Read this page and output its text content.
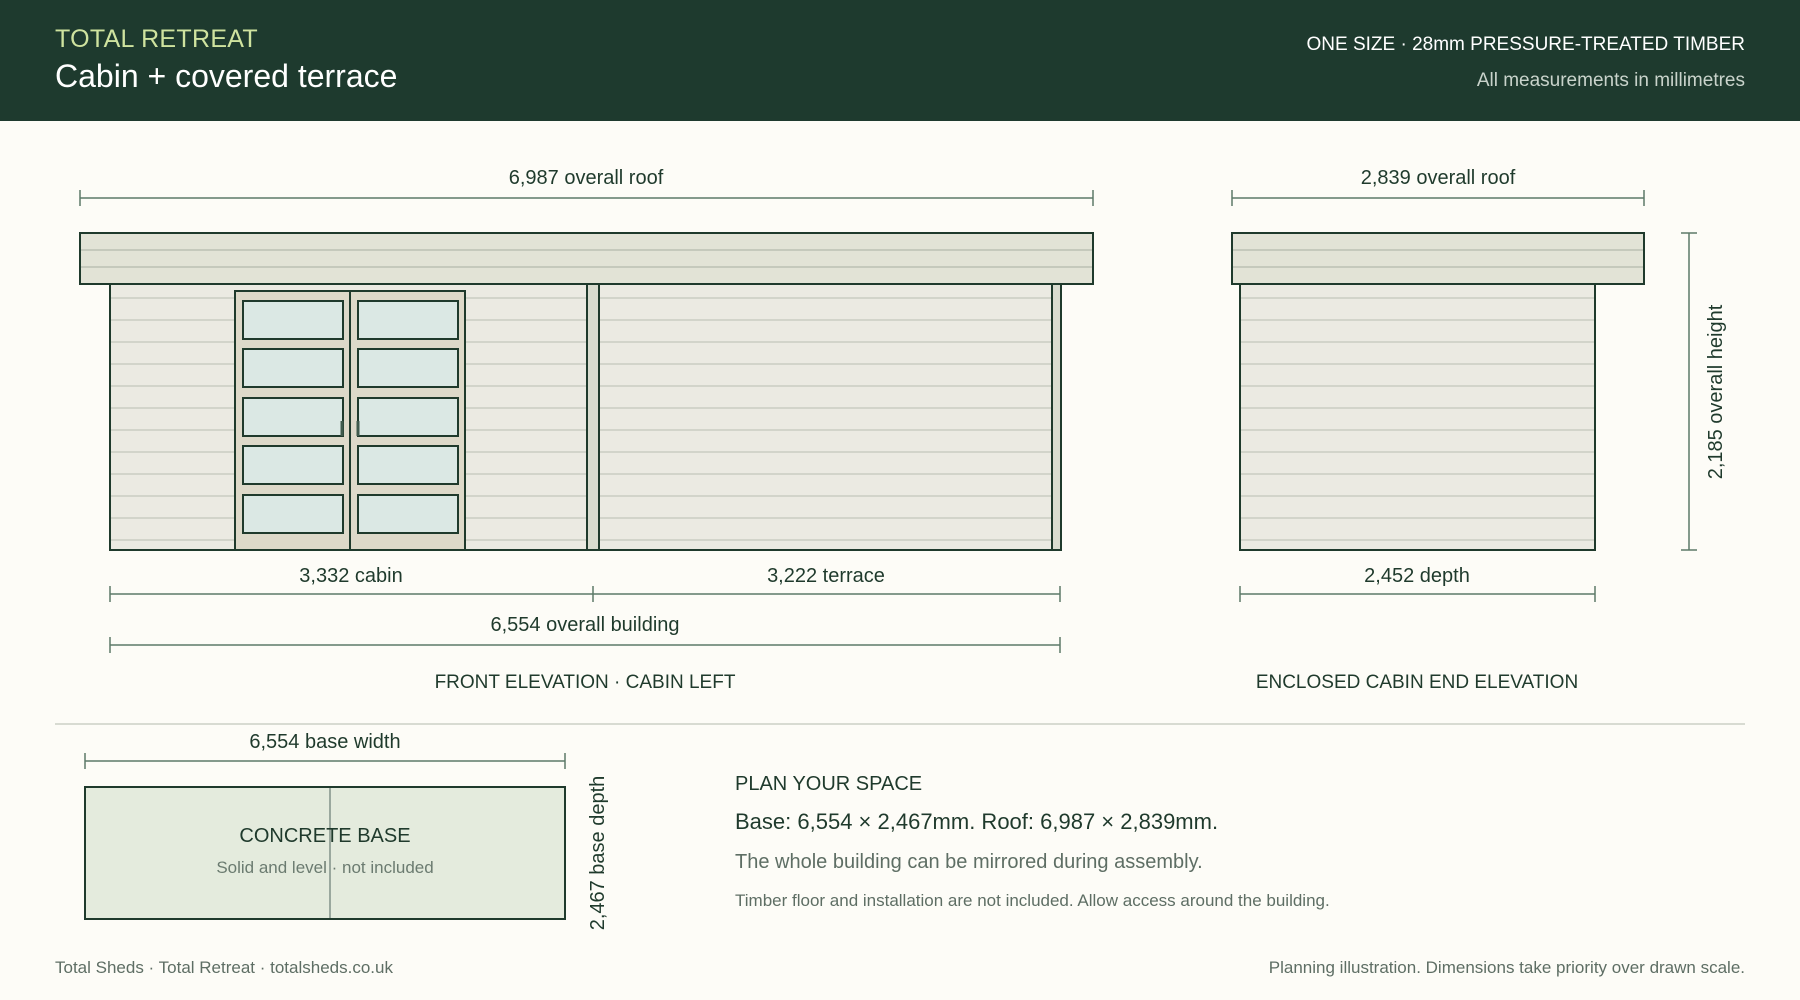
TOTAL RETREAT
Cabin + covered terrace
ONE SIZE · 28mm PRESSURE-TREATED TIMBER
All measurements in millimetres
6,987 overall roof
3,332 cabin	3,222 terrace
6,554 overall building
FRONT ELEVATION · CABIN LEFT
2,839 overall roof
2,185 overall height
2,452 depth
ENCLOSED CABIN END ELEVATION
6,554 base width
CONCRETE BASE
Solid and level · not included	2,467 base depth	PLAN YOUR SPACE
Base: 6,554 × 2,467mm. Roof: 6,987 × 2,839mm.
The whole building can be mirrored during assembly.
Timber floor and installation are not included. Allow access around the building.
Total Sheds · Total Retreat · totalsheds.co.uk	Planning illustration. Dimensions take priority over drawn scale.
